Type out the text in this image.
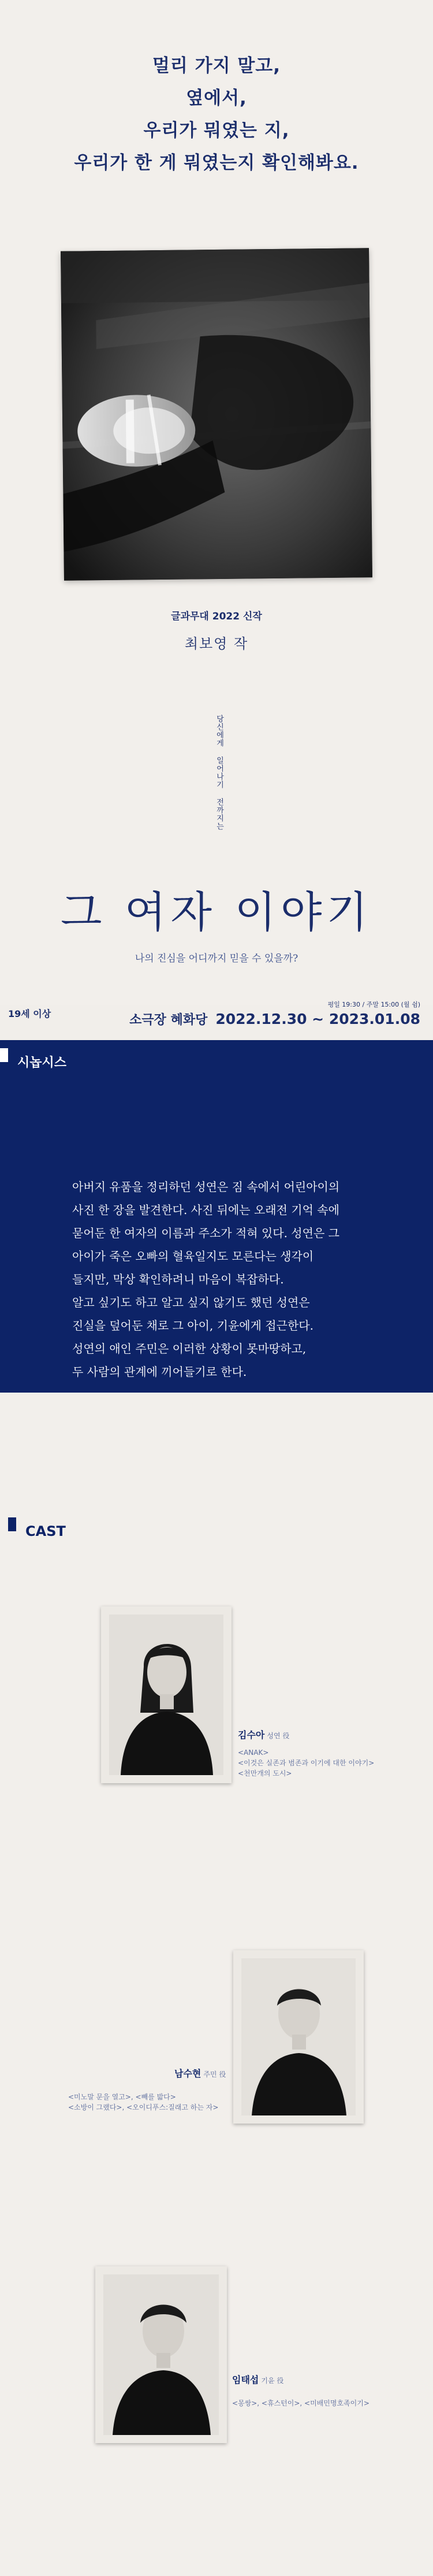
멀리 가지 말고,
옆에서,
우리가 뭐였는 지,
우리가 한 게 뭐였는지 확인해봐요.
글과무대 2022 신작
최보영 작
당신에게 일어나기 전까지는
그 여자 이야기
나의 진심을 어디까지 믿을 수 있을까?
19세 이상
평일 19:30 / 주말 15:00 (월 쉼)
소극장 혜화당 2022.12.30 ~ 2023.01.08
시놉시스
아버지 유품을 정리하던 성연은 짐 속에서 어린아이의
사진 한 장을 발견한다. 사진 뒤에는 오래전 기억 속에
묻어둔 한 여자의 이름과 주소가 적혀 있다. 성연은 그
아이가 죽은 오빠의 혈육일지도 모른다는 생각이
들지만, 막상 확인하려니 마음이 복잡하다.
알고 싶기도 하고 알고 싶지 않기도 했던 성연은
진실을 덮어둔 채로 그 아이, 기윤에게 접근한다.
성연의 애인 주민은 이러한 상황이 못마땅하고,
두 사람의 관계에 끼어들기로 한다.
CAST
김수아 성연 役
<ANAK>
<이것은 실존과 범존과 이기에 대한 이야기>
<천만개의 도시>
남수현 주민 役
<미노말 문을 열고>, <빼를 밟다>
<소방이 그랬다>, <오이디푸스:질래고 하는 자>
임태섭 기윤 役
<몽쌍>, <휴스턴이>, <미배민명호족이기>
